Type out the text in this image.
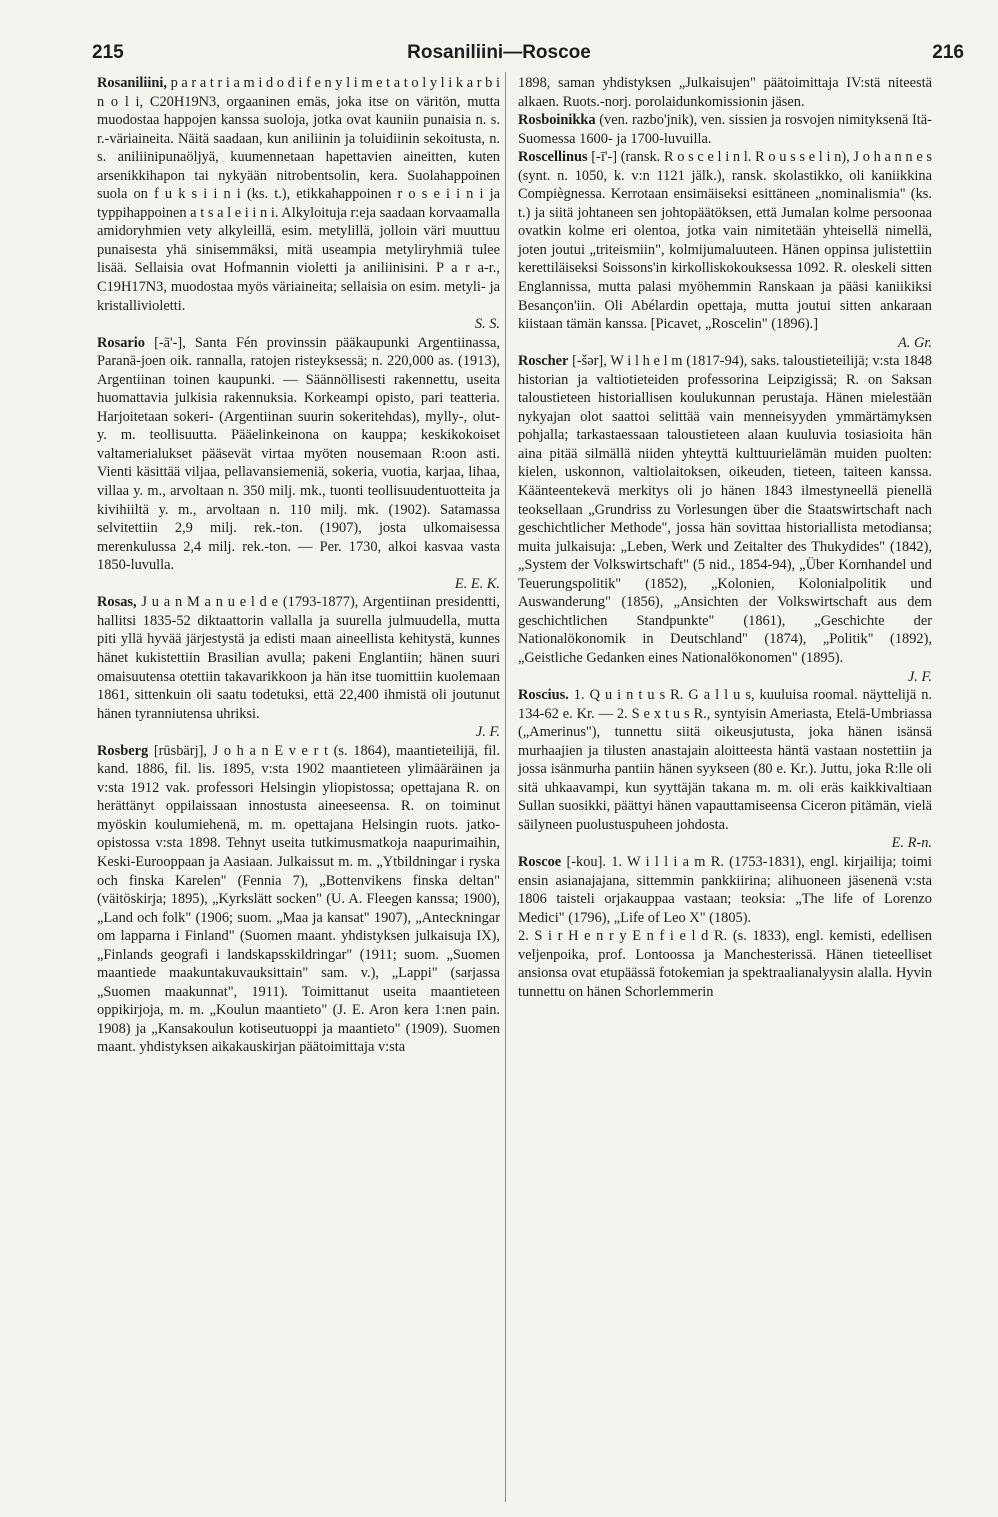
215	Rosaniliini—Roscoe	216

Rosaniliini, p a r a t r i a m i d o d i f e n y l i m e t a t o l y l i k a r b i n o l i, C20H19N3, orgaaninen emäs, joka itse on väritön, mutta muodostaa happojen kanssa suoloja, jotka ovat kauniin punaisia n. s. r.-väriaineita. Näitä saadaan, kun aniliinin ja toluidiinin sekoitusta, n. s. aniliinipunaöljyä, kuumennetaan hapettavien aineitten, kuten arsenikkihapon tai nykyään nitrobentsolin, kera. Suolahappoinen suola on f u k s i i n i (ks. t.), etikkahappoinen r o s e i i n i ja typpihappoinen a t s a l e i i n i. Alkyloituja r:eja saadaan korvaamalla amidoryhmien vety alkyleillä, esim. metylillä, jolloin väri muuttuu punaisesta yhä sinisemmäksi, mitä useampia metyliryhmiä tulee lisää. Sellaisia ovat Hofmannin violetti ja aniliinisini. P a r a-r., C19H17N3, muodostaa myös väriaineita; sellaisia on esim. metyli- ja kristallivioletti.
S. S.

Rosario [-ā'-], Santa Fén provinssin pääkaupunki Argentiinassa, Paranā-joen oik. rannalla, ratojen risteyksessä; n. 220,000 as. (1913), Argentiinan toinen kaupunki. — Säännöllisesti rakennettu, useita huomattavia julkisia rakennuksia. Korkeampi opisto, pari teatteria. Harjoitetaan sokeri- (Argentiinan suurin sokeritehdas), mylly-, olut- y. m. teollisuutta. Pääelinkeinona on kauppa; keskikokoiset valtamerialukset pääsevät virtaa myöten nousemaan R:oon asti. Vienti käsittää viljaa, pellavansiemeniä, sokeria, vuotia, karjaa, lihaa, villaa y. m., arvoltaan n. 350 milj. mk., tuonti teollisuudentuotteita ja kivihiiltä y. m., arvoltaan n. 110 milj. mk. (1902). Satamassa selvitettiin 2,9 milj. rek.-ton. (1907), josta ulkomaisessa merenkulussa 2,4 milj. rek.-ton. — Per. 1730, alkoi kasvaa vasta 1850-luvulla.
E. E. K.

Rosas, J u a n M a n u e l d e (1793-1877), Argentiinan presidentti, hallitsi 1835-52 diktaattorin vallalla ja suurella julmuudella, mutta piti yllä hyvää järjestystä ja edisti maan aineellista kehitystä, kunnes hänet kukistettiin Brasilian avulla; pakeni Englantiin; hänen suuri omaisuutensa otettiin takavarikkoon ja hän itse tuomittiin kuolemaan 1861, sittenkuin oli saatu todetuksi, että 22,400 ihmistä oli joutunut hänen tyranniutensa uhriksi.
J. F.

Rosberg [rūsbärj], J o h a n E v e r t (s. 1864), maantieteilijä, fil. kand. 1886, fil. lis. 1895, v:sta 1902 maantieteen ylimääräinen ja v:sta 1912 vak. professori Helsingin yliopistossa; opettajana R. on herättänyt oppilaissaan innostusta aineeseensa. R. on toiminut myöskin koulumiehenä, m. m. opettajana Helsingin ruots. jatko-opistossa v:sta 1898. Tehnyt useita tutkimusmatkoja naapurimaihin, Keski-Eurooppaan ja Aasiaan. Julkaissut m. m. „Ytbildningar i ryska och finska Karelen" (Fennia 7), „Bottenvikens finska deltan" (väitöskirja; 1895), „Kyrkslätt socken" (U. A. Fleegen kanssa; 1900), „Land och folk" (1906; suom. „Maa ja kansat" 1907), „Anteckningar om lapparna i Finland" (Suomen maant. yhdistyksen julkaisuja IX), „Finlands geografi i landskapsskildringar" (1911; suom. „Suomen maantiede maakuntakuvauksittain" sam. v.), „Lappi" (sarjassa „Suomen maakunnat", 1911). Toimittanut useita maantieteen oppikirjoja, m. m. „Koulun maantieto" (J. E. Aron kera 1:nen pain. 1908) ja „Kansakoulun kotiseutuoppi ja maantieto" (1909). Suomen maant. yhdistyksen aikakauskirjan päätoimittaja v:sta

1898, saman yhdistyksen „Julkaisujen" päätoimittaja IV:stä niteestä alkaen. Ruots.-norj. porolaidunkomissionin jäsen.

Rosboinikka (ven. razbo'jnik), ven. sissien ja rosvojen nimityksenä Itä-Suomessa 1600- ja 1700-luvuilla.

Roscellinus [-ī'-] (ransk. R o s c e l i n l. R o u s s e l i n), J o h a n n e s (synt. n. 1050, k. v:n 1121 jälk.), ransk. skolastikko, oli kaniikkina Compiègnessa. Kerrotaan ensimäiseksi esittäneen „nominalismia" (ks. t.) ja siitä johtaneen sen johtopäätöksen, että Jumalan kolme persoonaa ovatkin kolme eri olentoa, jotka vain nimitetään yhteisellä nimellä, joten joutui „triteismiin", kolmijumaluuteen. Hänen oppinsa julistettiin kerettiläiseksi Soissons'in kirkolliskokouksessa 1092. R. oleskeli sitten Englannissa, mutta palasi myöhemmin Ranskaan ja pääsi kaniikiksi Besançon'iin. Oli Abélardin opettaja, mutta joutui sitten ankaraan kiistaan tämän kanssa. [Picavet, „Roscelin" (1896).]
A. Gr.

Roscher [-šər], W i l h e l m (1817-94), saks. taloustieteilijä; v:sta 1848 historian ja valtiotieteiden professorina Leipzigissä; R. on Saksan taloustieteen historiallisen koulukunnan perustaja. Hänen mielestään nykyajan olot saattoi selittää vain menneisyyden ymmärtämyksen pohjalla; tarkastaessaan taloustieteen alaan kuuluvia tosiasioita hän aina pitää silmällä niiden yhteyttä kulttuurielämän muiden puolten: kielen, uskonnon, valtiolaitoksen, oikeuden, tieteen, taiteen kanssa. Käänteentekevä merkitys oli jo hänen 1843 ilmestyneellä pienellä teoksellaan „Grundriss zu Vorlesungen über die Staatswirtschaft nach geschichtlicher Methode", jossa hän sovittaa historiallista metodiansa; muita julkaisuja: „Leben, Werk und Zeitalter des Thukydides" (1842), „System der Volkswirtschaft" (5 nid., 1854-94), „Über Kornhandel und Teuerungspolitik" (1852), „Kolonien, Kolonialpolitik und Auswanderung" (1856), „Ansichten der Volkswirtschaft aus dem geschichtlichen Standpunkte" (1861), „Geschichte der Nationalökonomik in Deutschland" (1874), „Politik" (1892), „Geistliche Gedanken eines Nationalökonomen" (1895).
J. F.

Roscius. 1. Q u i n t u s R. G a l l u s, kuuluisa roomal. näyttelijä n. 134-62 e. Kr. — 2. S e x t u s R., syntyisin Ameriasta, Etelä-Umbriassa („Amerinus"), tunnettu siitä oikeusjutusta, joka hänen isänsä murhaajien ja tilusten anastajain aloitteesta häntä vastaan nostettiin ja jossa isänmurha pantiin hänen syykseen (80 e. Kr.). Juttu, joka R:lle oli sitä uhkaavampi, kun syyttäjän takana m. m. oli eräs kaikkivaltiaan Sullan suosikki, päättyi hänen vapauttamiseensa Ciceron pitämän, vielä säilyneen puolustuspuheen johdosta.
E. R-n.

Roscoe [-kou]. 1. W i l l i a m R. (1753-1831), engl. kirjailija; toimi ensin asianajajana, sittemmin pankkiirina; alihuoneen jäsenenä v:sta 1806 taisteli orjakauppaa vastaan; teoksia: „The life of Lorenzo Medici" (1796), „Life of Leo X" (1805).

2. S i r H e n r y E n f i e l d R. (s. 1833), engl. kemisti, edellisen veljenpoika, prof. Lontoossa ja Manchesterissä. Hänen tieteelliset ansionsa ovat etupäässä fotokemian ja spektraalianalyysin alalla. Hyvin tunnettu on hänen Schorlemmerin
